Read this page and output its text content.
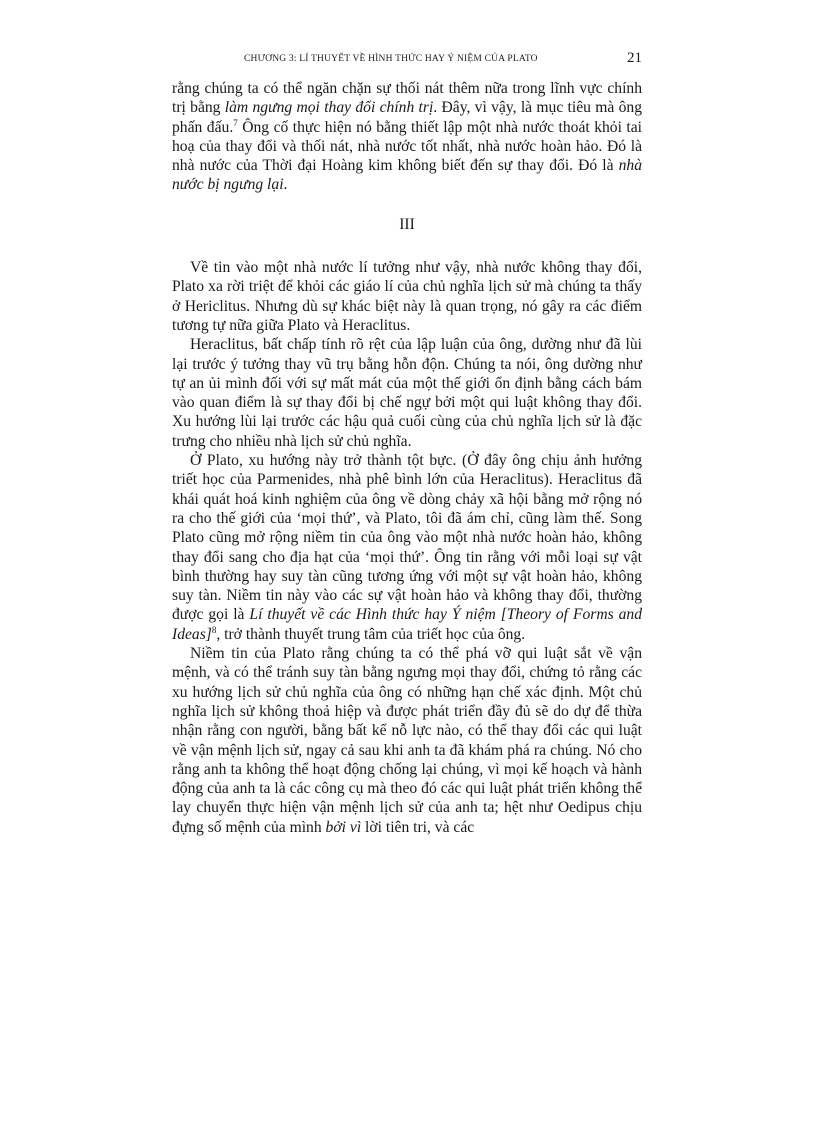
CHƯƠNG 3: LÍ THUYẾT VỀ HÌNH THỨC HAY Ý NIỆM CỦA PLATO	21

rằng chúng ta có thể ngăn chặn sự thối nát thêm nữa trong lĩnh vực chính trị bằng làm ngưng mọi thay đổi chính trị. Đây, vì vậy, là mục tiêu mà ông phấn đấu.$^7$ Ông cố thực hiện nó bằng thiết lập một nhà nước thoát khỏi tai hoạ của thay đổi và thối nát, nhà nước tốt nhất, nhà nước hoàn hảo. Đó là nhà nước của Thời đại Hoàng kim không biết đến sự thay đổi. Đó là nhà nước bị ngưng lại.

III

Về tin vào một nhà nước lí tưởng như vậy, nhà nước không thay đổi, Plato xa rời triệt để khỏi các giáo lí của chủ nghĩa lịch sử mà chúng ta thấy ở Hericlitus. Nhưng dù sự khác biệt này là quan trọng, nó gây ra các điểm tương tự nữa giữa Plato và Heraclitus.

Heraclitus, bất chấp tính rõ rệt của lập luận của ông, dường như đã lùi lại trước ý tưởng thay vũ trụ bằng hỗn độn. Chúng ta nói, ông dường như tự an ủi mình đối với sự mất mát của một thế giới ổn định bằng cách bám vào quan điểm là sự thay đổi bị chế ngự bởi một qui luật không thay đổi. Xu hướng lùi lại trước các hậu quả cuối cùng của chủ nghĩa lịch sử là đặc trưng cho nhiều nhà lịch sử chủ nghĩa.

Ở Plato, xu hướng này trở thành tột bực. (Ở đây ông chịu ảnh hưởng triết học của Parmenides, nhà phê bình lớn của Heraclitus). Heraclitus đã khái quát hoá kinh nghiệm của ông về dòng chảy xã hội bằng mở rộng nó ra cho thế giới của ‘mọi thứ’, và Plato, tôi đã ám chỉ, cũng làm thế. Song Plato cũng mở rộng niềm tin của ông vào một nhà nước hoàn hảo, không thay đổi sang cho địa hạt của ‘mọi thứ’. Ông tin rằng với mỗi loại sự vật bình thường hay suy tàn cũng tương ứng với một sự vật hoàn hảo, không suy tàn. Niềm tin này vào các sự vật hoàn hảo và không thay đổi, thường được gọi là Lí thuyết về các Hình thức hay Ý niệm [Theory of Forms and Ideas]$^8$, trở thành thuyết trung tâm của triết học của ông.

Niềm tin của Plato rằng chúng ta có thể phá vỡ qui luật sắt về vận mệnh, và có thể tránh suy tàn bằng ngưng mọi thay đổi, chứng tỏ rằng các xu hướng lịch sử chủ nghĩa của ông có những hạn chế xác định. Một chủ nghĩa lịch sử không thoả hiệp và được phát triển đầy đủ sẽ do dự để thừa nhận rằng con người, bằng bất kể nỗ lực nào, có thể thay đổi các qui luật về vận mệnh lịch sử, ngay cả sau khi anh ta đã khám phá ra chúng. Nó cho rằng anh ta không thể hoạt động chống lại chúng, vì mọi kế hoạch và hành động của anh ta là các công cụ mà theo đó các qui luật phát triển không thể lay chuyển thực hiện vận mệnh lịch sử của anh ta; hệt như Oedipus chịu đựng số mệnh của mình bởi vì lời tiên tri, và các
